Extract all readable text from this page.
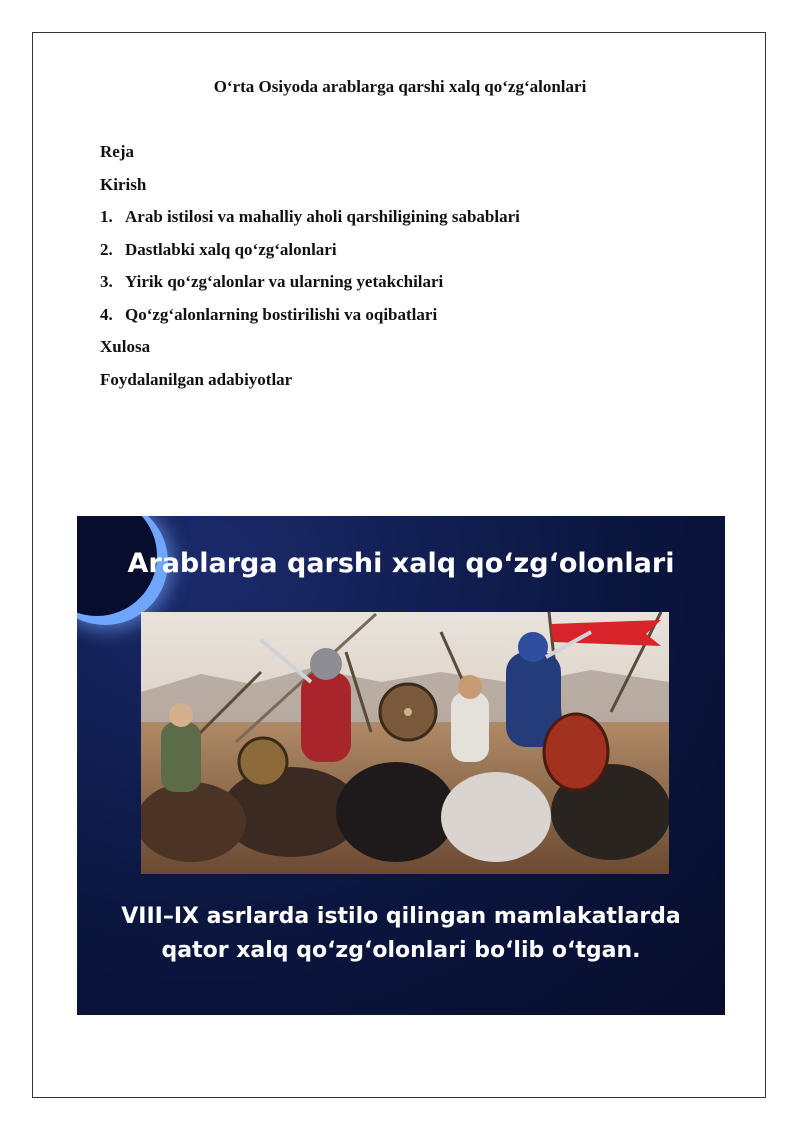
O‘rta Osiyoda arablarga qarshi xalq qo‘zg‘alonlari
Reja
Kirish
1. Arab istilosi va mahalliy aholi qarshiligining sabablari
2. Dastlabki xalq qo‘zg‘alonlari
3. Yirik qo‘zg‘alonlar va ularning yetakchilari
4. Qo‘zg‘alonlarning bostirilishi va oqibatlari
Xulosa
Foydalanilgan adabiyotlar
Arablarga qarshi xalq qo‘zg‘olonlari
VIII–IX asrlarda istilo qilingan mamlakatlarda
qator xalq qo‘zg‘olonlari bo‘lib o‘tgan.
